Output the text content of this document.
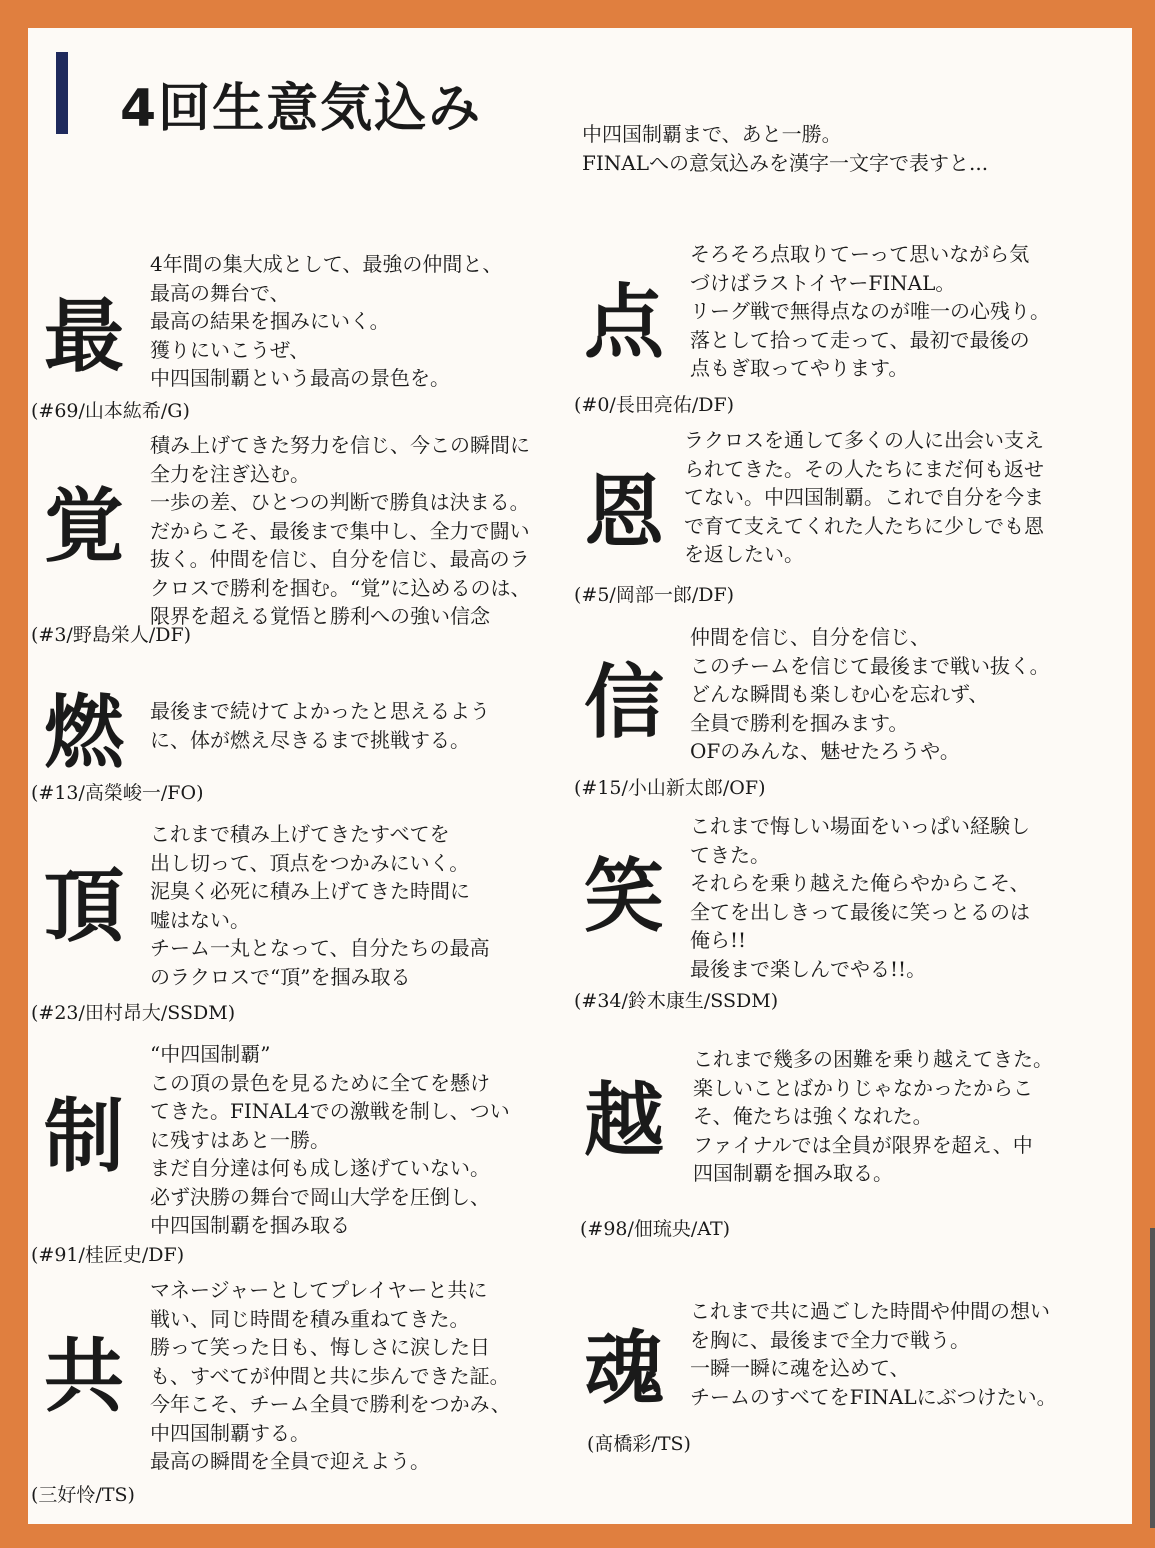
4回生意気込み	中四国制覇まで、あと一勝。
FINALへの意気込みを漢字一文字で表すと...
最
4年間の集大成として、最強の仲間と、
最高の舞台で、
最高の結果を掴みにいく。
獲りにいこうぜ、
中四国制覇という最高の景色を。
(#69/山本紘希/G)
覚
積み上げてきた努力を信じ、今この瞬間に
全力を注ぎ込む。
一歩の差、ひとつの判断で勝負は決まる。
だからこそ、最後まで集中し、全力で闘い
抜く。仲間を信じ、自分を信じ、最高のラ
クロスで勝利を掴む。“覚”に込めるのは、
限界を超える覚悟と勝利への強い信念
(#3/野島栄人/DF)
燃 最後まで続けてよかったと思えるよう
に、体が燃え尽きるまで挑戦する。
(#13/高榮峻一/FO)
頂
これまで積み上げてきたすべてを
出し切って、頂点をつかみにいく。
泥臭く必死に積み上げてきた時間に
嘘はない。
チーム一丸となって、自分たちの最高
のラクロスで“頂”を掴み取る
(#23/田村昂大/SSDM)
制
“中四国制覇”
この頂の景色を見るために全てを懸け
てきた。FINAL4での激戦を制し、つい
に残すはあと一勝。
まだ自分達は何も成し遂げていない。
必ず決勝の舞台で岡山大学を圧倒し、
中四国制覇を掴み取る
(#91/桂匠史/DF)
共
マネージャーとしてプレイヤーと共に
戦い、同じ時間を積み重ねてきた。
勝って笑った日も、悔しさに涙した日
も、すべてが仲間と共に歩んできた証。
今年こそ、チーム全員で勝利をつかみ、
中四国制覇する。
最高の瞬間を全員で迎えよう。
(三好怜/TS)
点
そろそろ点取りてーって思いながら気
づけばラストイヤーFINAL。
リーグ戦で無得点なのが唯一の心残り。
落として拾って走って、最初で最後の
点もぎ取ってやります。
(#0/長田亮佑/DF)
恩
ラクロスを通して多くの人に出会い支え
られてきた。その人たちにまだ何も返せ
てない。中四国制覇。これで自分を今ま
で育て支えてくれた人たちに少しでも恩
を返したい。
(#5/岡部一郎/DF)
信
仲間を信じ、自分を信じ、
このチームを信じて最後まで戦い抜く。
どんな瞬間も楽しむ心を忘れず、
全員で勝利を掴みます。
OFのみんな、魅せたろうや。
(#15/小山新太郎/OF)
笑
これまで悔しい場面をいっぱい経験し
てきた。
それらを乗り越えた俺らやからこそ、
全てを出しきって最後に笑っとるのは
俺ら!!
最後まで楽しんでやる!!。
(#34/鈴木康生/SSDM)
越
これまで幾多の困難を乗り越えてきた。
楽しいことばかりじゃなかったからこ
そ、俺たちは強くなれた。
ファイナルでは全員が限界を超え、中
四国制覇を掴み取る。
(#98/佃琉央/AT)
魂
これまで共に過ごした時間や仲間の想い
を胸に、最後まで全力で戦う。
一瞬一瞬に魂を込めて、
チームのすべてをFINALにぶつけたい。
(髙橋彩/TS)
